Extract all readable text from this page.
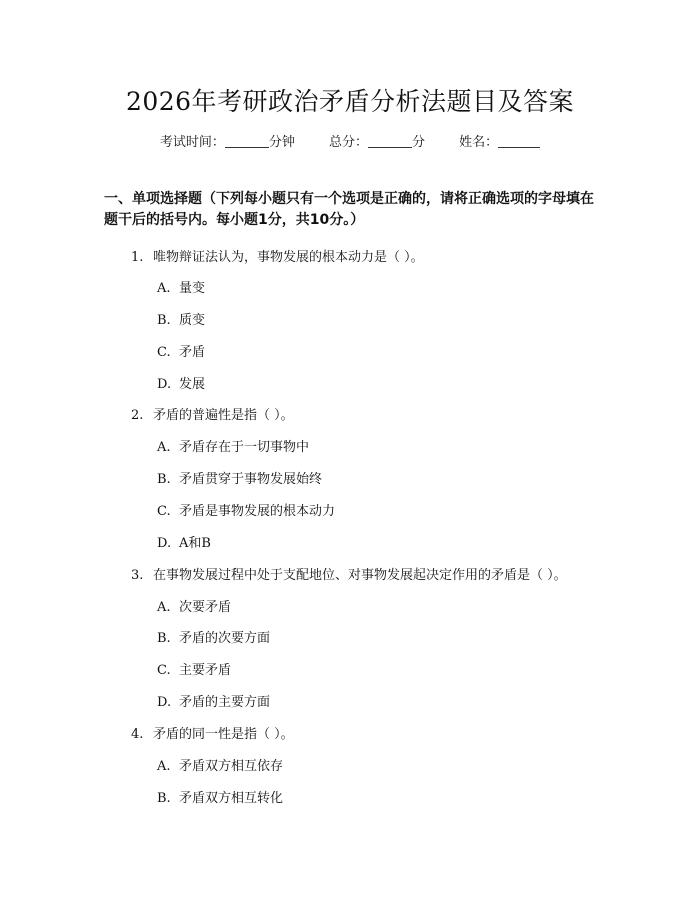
2026年考研政治矛盾分析法题目及答案
考试时间：	分钟	总分：	分	姓名：
一、单项选择题（下列每小题只有一个选项是正确的，请将正确选项的字母填在题干后的括号内。每小题1分，共10分。）
1. 唯物辩证法认为，事物发展的根本动力是（ ）。
A. 量变
B. 质变
C. 矛盾
D. 发展
2. 矛盾的普遍性是指（ ）。
A. 矛盾存在于一切事物中
B. 矛盾贯穿于事物发展始终
C. 矛盾是事物发展的根本动力
D. A和B
3. 在事物发展过程中处于支配地位、对事物发展起决定作用的矛盾是（ ）。
A. 次要矛盾
B. 矛盾的次要方面
C. 主要矛盾
D. 矛盾的主要方面
4. 矛盾的同一性是指（ ）。
A. 矛盾双方相互依存
B. 矛盾双方相互转化
